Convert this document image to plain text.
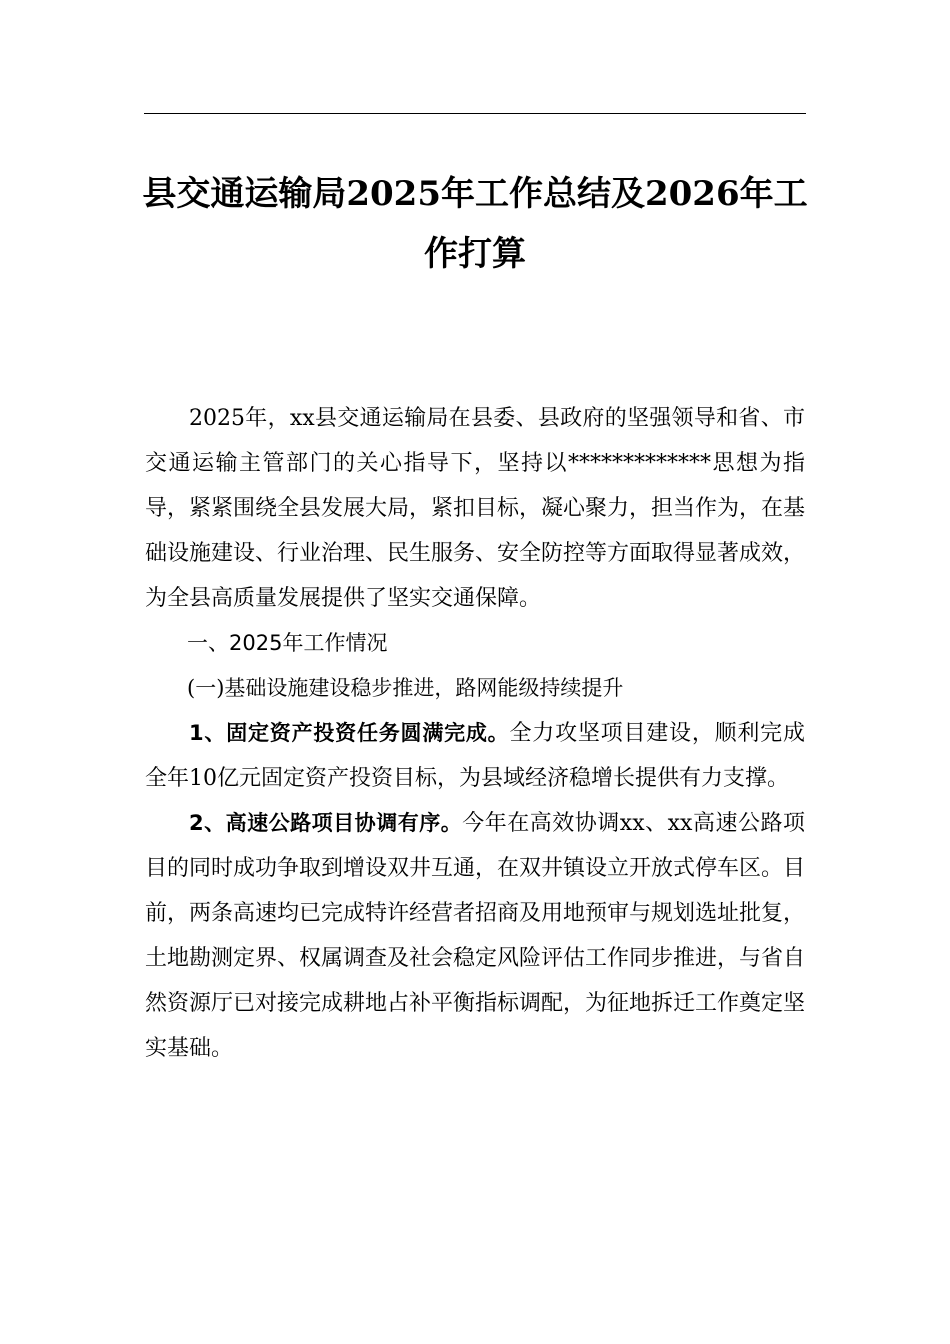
县交通运输局2025年工作总结及2026年工
作打算

2025年，xx县交通运输局在县委、县政府的坚强领导和省、市交通运输主管部门的关心指导下，坚持以*************思想为指导，紧紧围绕全县发展大局，紧扣目标，凝心聚力，担当作为，在基础设施建设、行业治理、民生服务、安全防控等方面取得显著成效，为全县高质量发展提供了坚实交通保障。

一、2025年工作情况

(一)基础设施建设稳步推进，路网能级持续提升

1、固定资产投资任务圆满完成。全力攻坚项目建设，顺利完成全年10亿元固定资产投资目标，为县域经济稳增长提供有力支撑。

2、高速公路项目协调有序。今年在高效协调xx、xx高速公路项目的同时成功争取到增设双井互通，在双井镇设立开放式停车区。目前，两条高速均已完成特许经营者招商及用地预审与规划选址批复，土地勘测定界、权属调查及社会稳定风险评估工作同步推进，与省自然资源厅已对接完成耕地占补平衡指标调配，为征地拆迁工作奠定坚实基础。
